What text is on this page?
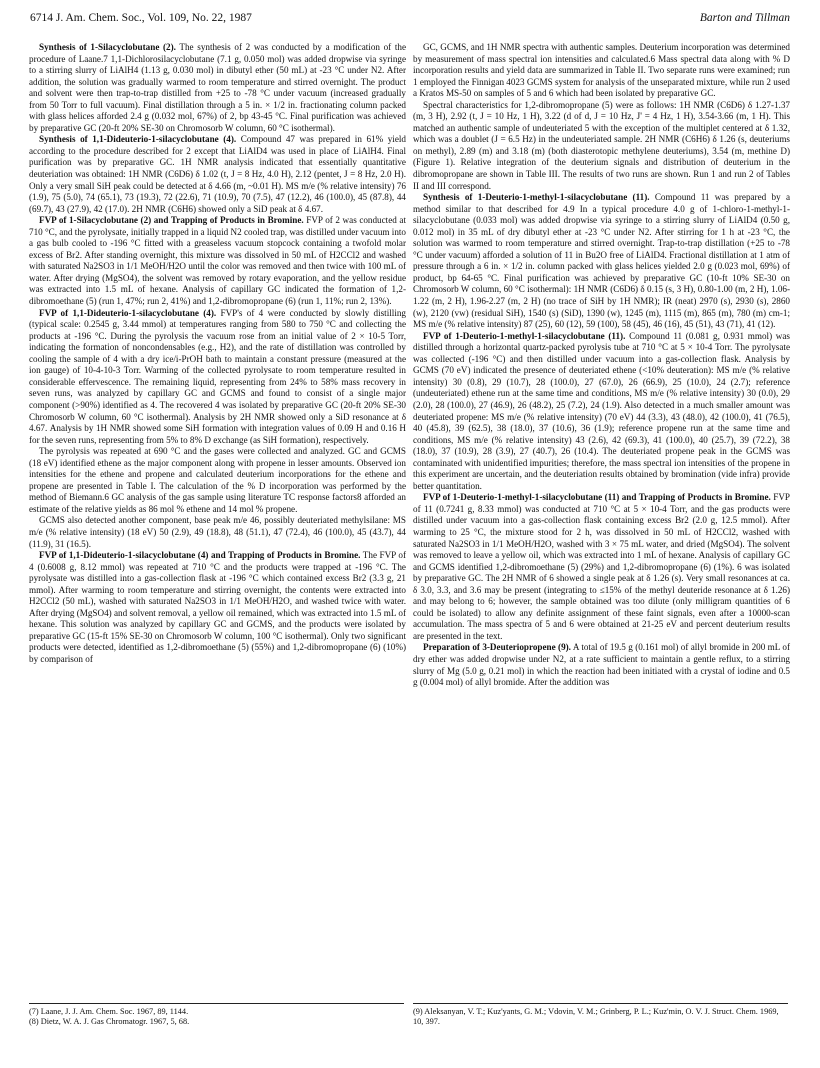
6714 J. Am. Chem. Soc., Vol. 109, No. 22, 1987	Barton and Tillman

Synthesis of 1-Silacyclobutane (2). The synthesis of 2 was conducted by a modification of the procedure of Laane.7 1,1-Dichlorosilacyclobutane (7.1 g, 0.050 mol) was added dropwise via syringe to a stirring slurry of LiAlH4 (1.13 g, 0.030 mol) in dibutyl ether (50 mL) at -23 °C under N2. After addition, the solution was gradually warmed to room temperature and stirred overnight. The product and solvent were then trap-to-trap distilled from +25 to -78 °C under vacuum (increased gradually from 50 Torr to full vacuum). Final distillation through a 5 in. × 1/2 in. fractionating column packed with glass helices afforded 2.4 g (0.032 mol, 67%) of 2, bp 43-45 °C. Final purification was achieved by preparative GC (20-ft 20% SE-30 on Chromosorb W column, 60 °C isothermal).

Synthesis of 1,1-Dideuterio-1-silacyclobutane (4). Compound 47 was prepared in 61% yield according to the procedure described for 2 except that LiAlD4 was used in place of LiAlH4. Final purification was by preparative GC. 1H NMR analysis indicated that essentially quantitative deuteriation was obtained: 1H NMR (C6D6) δ 1.02 (t, J = 8 Hz, 4.0 H), 2.12 (pentet, J = 8 Hz, 2.0 H). Only a very small SiH peak could be detected at δ 4.66 (m, ~0.01 H). MS m/e (% relative intensity) 76 (1.9), 75 (5.0), 74 (65.1), 73 (19.3), 72 (22.6), 71 (10.9), 70 (7.5), 47 (12.2), 46 (100.0), 45 (87.8), 44 (69.7), 43 (27.9), 42 (17.0). 2H NMR (C6H6) showed only a SiD peak at δ 4.67.

FVP of 1-Silacyclobutane (2) and Trapping of Products in Bromine. FVP of 2 was conducted at 710 °C, and the pyrolysate, initially trapped in a liquid N2 cooled trap, was distilled under vacuum into a gas bulb cooled to -196 °C fitted with a greaseless vacuum stopcock containing a twofold molar excess of Br2. After standing overnight, this mixture was dissolved in 50 mL of H2CCl2 and washed with saturated Na2SO3 in 1/1 MeOH/H2O until the color was removed and then twice with 100 mL of water. After drying (MgSO4), the solvent was removed by rotary evaporation, and the yellow residue was extracted into 1.5 mL of hexane. Analysis of capillary GC indicated the formation of 1,2-dibromoethane (5) (run 1, 47%; run 2, 41%) and 1,2-dibromopropane (6) (run 1, 11%; run 2, 13%).

FVP of 1,1-Dideuterio-1-silacyclobutane (4). FVP's of 4 were conducted by slowly distilling (typical scale: 0.2545 g, 3.44 mmol) at temperatures ranging from 580 to 750 °C and collecting the products at -196 °C. During the pyrolysis the vacuum rose from an initial value of 2 × 10-5 Torr, indicating the formation of noncondensables (e.g., H2), and the rate of distillation was controlled by cooling the sample of 4 with a dry ice/i-PrOH bath to maintain a constant pressure (measured at the ion gauge) of 10-4-10-3 Torr. Warming of the collected pyrolysate to room temperature resulted in considerable effervescence. The remaining liquid, representing from 24% to 58% mass recovery in seven runs, was analyzed by capillary GC and GCMS and found to consist of a single major component (>90%) identified as 4. The recovered 4 was isolated by preparative GC (20-ft 20% SE-30 Chromosorb W column, 60 °C isothermal). Analysis by 2H NMR showed only a SiD resonance at δ 4.67. Analysis by 1H NMR showed some SiH formation with integration values of 0.09 H and 0.16 H for the seven runs, representing from 5% to 8% D exchange (as SiH formation), respectively.

The pyrolysis was repeated at 690 °C and the gases were collected and analyzed. GC and GCMS (18 eV) identified ethene as the major component along with propene in lesser amounts. Observed ion intensities for the ethene and propene and calculated deuterium incorporations for the ethene and propene are presented in Table I. The calculation of the % D incorporation was performed by the method of Biemann.6 GC analysis of the gas sample using literature TC response factors8 afforded an estimate of the relative yields as 86 mol % ethene and 14 mol % propene.

GCMS also detected another component, base peak m/e 46, possibly deuteriated methylsilane: MS m/e (% relative intensity) (18 eV) 50 (2.9), 49 (18.8), 48 (51.1), 47 (72.4), 46 (100.0), 45 (43.7), 44 (11.9), 31 (16.5).

FVP of 1,1-Dideuterio-1-silacyclobutane (4) and Trapping of Products in Bromine. The FVP of 4 (0.6008 g, 8.12 mmol) was repeated at 710 °C and the products were trapped at -196 °C. The pyrolysate was distilled into a gas-collection flask at -196 °C which contained excess Br2 (3.3 g, 21 mmol). After warming to room temperature and stirring overnight, the contents were extracted into H2CCl2 (50 mL), washed with saturated Na2SO3 in 1/1 MeOH/H2O, and washed twice with water. After drying (MgSO4) and solvent removal, a yellow oil remained, which was extracted into 1.5 mL of hexane. This solution was analyzed by capillary GC and GCMS, and the products were isolated by preparative GC (15-ft 15% SE-30 on Chromosorb W column, 100 °C isothermal). Only two significant products were detected, identified as 1,2-dibromoethane (5) (55%) and 1,2-dibromopropane (6) (10%) by comparison of

GC, GCMS, and 1H NMR spectra with authentic samples. Deuterium incorporation was determined by measurement of mass spectral ion intensities and calculated.6 Mass spectral data along with % D incorporation results and yield data are summarized in Table II. Two separate runs were examined; run 1 employed the Finnigan 4023 GCMS system for analysis of the unseparated mixture, while run 2 used a Kratos MS-50 on samples of 5 and 6 which had been isolated by preparative GC.

Spectral characteristics for 1,2-dibromopropane (5) were as follows: 1H NMR (C6D6) δ 1.27-1.37 (m, 3 H), 2.92 (t, J = 10 Hz, 1 H), 3.22 (d of d, J = 10 Hz, J' = 4 Hz, 1 H), 3.54-3.66 (m, 1 H). This matched an authentic sample of undeuteriated 5 with the exception of the multiplet centered at δ 1.32, which was a doublet (J = 6.5 Hz) in the undeuteriated sample. 2H NMR (C6H6) δ 1.26 (s, deuteriums on methyl), 2.89 (m) and 3.18 (m) (both diasterotopic methylene deuteriums), 3.54 (m, methine D) (Figure 1). Relative integration of the deuterium signals and distribution of deuterium in the dibromopropane are shown in Table III. The results of two runs are shown. Run 1 and run 2 of Tables II and III correspond.

Synthesis of 1-Deuterio-1-methyl-1-silacyclobutane (11). Compound 11 was prepared by a method similar to that described for 4.9 In a typical procedure 4.0 g of 1-chloro-1-methyl-1-silacyclobutane (0.033 mol) was added dropwise via syringe to a stirring slurry of LiAlD4 (0.50 g, 0.012 mol) in 35 mL of dry dibutyl ether at -23 °C under N2. After stirring for 1 h at -23 °C, the solution was warmed to room temperature and stirred overnight. Trap-to-trap distillation (+25 to -78 °C under vacuum) afforded a solution of 11 in Bu2O free of LiAlD4. Fractional distillation at 1 atm of pressure through a 6 in. × 1/2 in. column packed with glass helices yielded 2.0 g (0.023 mol, 69%) of product, bp 64-65 °C. Final purification was achieved by preparative GC (10-ft 10% SE-30 on Chromosorb W column, 60 °C isothermal): 1H NMR (C6D6) δ 0.15 (s, 3 H), 0.80-1.00 (m, 2 H), 1.06-1.22 (m, 2 H), 1.96-2.27 (m, 2 H) (no trace of SiH by 1H NMR); IR (neat) 2970 (s), 2930 (s), 2860 (w), 2120 (vw) (residual SiH), 1540 (s) (SiD), 1390 (w), 1245 (m), 1115 (m), 865 (m), 780 (m) cm-1; MS m/e (% relative intensity) 87 (25), 60 (12), 59 (100), 58 (45), 46 (16), 45 (51), 43 (71), 41 (12).

FVP of 1-Deuterio-1-methyl-1-silacyclobutane (11). Compound 11 (0.081 g, 0.931 mmol) was distilled through a horizontal quartz-packed pyrolysis tube at 710 °C at 5 × 10-4 Torr. The pyrolysate was collected (-196 °C) and then distilled under vacuum into a gas-collection flask. Analysis by GCMS (70 eV) indicated the presence of deuteriated ethene (<10% deuteration): MS m/e (% relative intensity) 30 (0.8), 29 (10.7), 28 (100.0), 27 (67.0), 26 (66.9), 25 (10.0), 24 (2.7); reference (undeuteriated) ethene run at the same time and conditions, MS m/e (% relative intensity) 30 (0.0), 29 (2.0), 28 (100.0), 27 (46.9), 26 (48.2), 25 (7.2), 24 (1.9). Also detected in a much smaller amount was deuteriated propene: MS m/e (% relative intensity) (70 eV) 44 (3.3), 43 (48.0), 42 (100.0), 41 (76.5), 40 (45.8), 39 (62.5), 38 (18.0), 37 (10.6), 36 (1.9); reference propene run at the same time and conditions, MS m/e (% relative intensity) 43 (2.6), 42 (69.3), 41 (100.0), 40 (25.7), 39 (72.2), 38 (18.0), 37 (10.9), 28 (3.9), 27 (40.7), 26 (10.4). The deuteriated propene peak in the GCMS was contaminated with unidentified impurities; therefore, the mass spectral ion intensities of the propene in this experiment are uncertain, and the deuteriation results obtained by bromination (vide infra) provide better quantitation.

FVP of 1-Deuterio-1-methyl-1-silacyclobutane (11) and Trapping of Products in Bromine. FVP of 11 (0.7241 g, 8.33 mmol) was conducted at 710 °C at 5 × 10-4 Torr, and the gas products were distilled under vacuum into a gas-collection flask containing excess Br2 (2.0 g, 12.5 mmol). After warming to 25 °C, the mixture stood for 2 h, was dissolved in 50 mL of H2CCl2, washed with saturated Na2SO3 in 1/1 MeOH/H2O, washed with 3 × 75 mL water, and dried (MgSO4). The solvent was removed to leave a yellow oil, which was extracted into 1 mL of hexane. Analysis of capillary GC and GCMS identified 1,2-dibromoethane (5) (29%) and 1,2-dibromopropane (6) (1%). 6 was isolated by preparative GC. The 2H NMR of 6 showed a single peak at δ 1.26 (s). Very small resonances at ca. δ 3.0, 3.3, and 3.6 may be present (integrating to ≤15% of the methyl deuteride resonance at δ 1.26) and may belong to 6; however, the sample obtained was too dilute (only milligram quantities of 6 could be isolated) to allow any definite assignment of these faint signals, even after a 10000-scan accumulation. The mass spectra of 5 and 6 were obtained at 21-25 eV and percent deuterium results are presented in the text.

Preparation of 3-Deuteriopropene (9). A total of 19.5 g (0.161 mol) of allyl bromide in 200 mL of dry ether was added dropwise under N2, at a rate sufficient to maintain a gentle reflux, to a stirring slurry of Mg (5.0 g, 0.21 mol) in which the reaction had been initiated with a crystal of iodine and 0.5 g (0.004 mol) of allyl bromide. After the addition was

(7) Laane, J. J. Am. Chem. Soc. 1967, 89, 1144.
(8) Dietz, W. A. J. Gas Chromatogr. 1967, 5, 68.
(9) Aleksanyan, V. T.; Kuz'yants, G. M.; Vdovin, V. M.; Grinberg, P. L.; Kuz'min, O. V. J. Struct. Chem. 1969, 10, 397.
